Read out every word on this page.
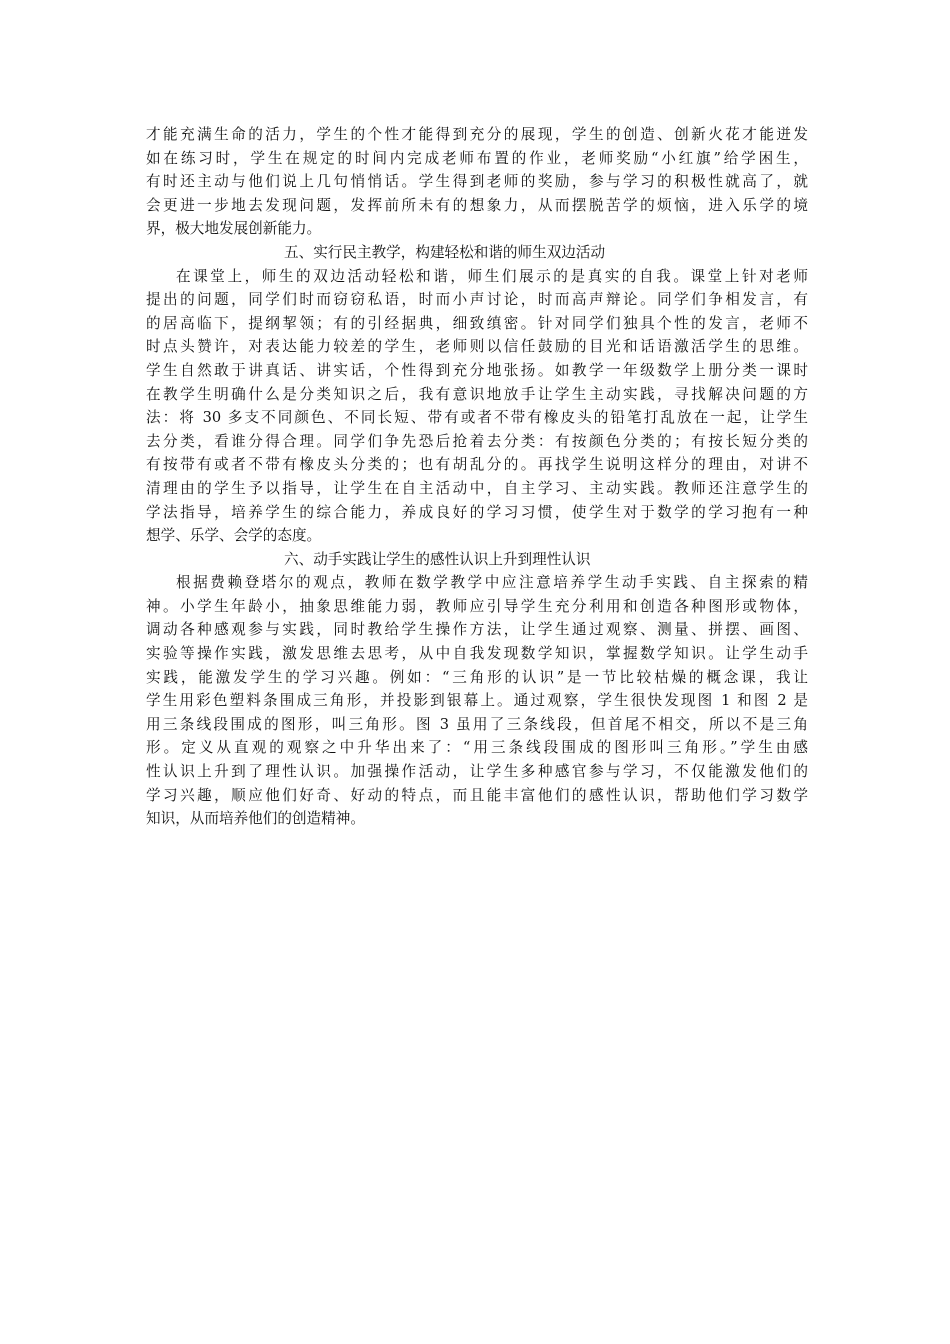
才能充满生命的活力，学生的个性才能得到充分的展现，学生的创造、创新火花才能迸发
如在练习时，学生在规定的时间内完成老师布置的作业，老师奖励“小红旗”给学困生，
有时还主动与他们说上几句悄悄话。学生得到老师的奖励，参与学习的积极性就高了，就
会更进一步地去发现问题，发挥前所未有的想象力，从而摆脱苦学的烦恼，进入乐学的境
界，极大地发展创新能力。
五、实行民主教学，构建轻松和谐的师生双边活动
在课堂上，师生的双边活动轻松和谐，师生们展示的是真实的自我。课堂上针对老师
提出的问题，同学们时而窃窃私语，时而小声讨论，时而高声辩论。同学们争相发言，有
的居高临下，提纲挈领；有的引经据典，细致缜密。针对同学们独具个性的发言，老师不
时点头赞许，对表达能力较差的学生，老师则以信任鼓励的目光和话语激活学生的思维。
学生自然敢于讲真话、讲实话，个性得到充分地张扬。如教学一年级数学上册分类一课时
在教学生明确什么是分类知识之后，我有意识地放手让学生主动实践，寻找解决问题的方
法：将 30 多支不同颜色、不同长短、带有或者不带有橡皮头的铅笔打乱放在一起，让学生
去分类，看谁分得合理。同学们争先恐后抢着去分类：有按颜色分类的；有按长短分类的
有按带有或者不带有橡皮头分类的；也有胡乱分的。再找学生说明这样分的理由，对讲不
清理由的学生予以指导，让学生在自主活动中，自主学习、主动实践。教师还注意学生的
学法指导，培养学生的综合能力，养成良好的学习习惯，使学生对于数学的学习抱有一种
想学、乐学、会学的态度。
六、动手实践让学生的感性认识上升到理性认识
根据费赖登塔尔的观点，教师在数学教学中应注意培养学生动手实践、自主探索的精
神。小学生年龄小，抽象思维能力弱，教师应引导学生充分利用和创造各种图形或物体，
调动各种感观参与实践，同时教给学生操作方法，让学生通过观察、测量、拼摆、画图、
实验等操作实践，激发思维去思考，从中自我发现数学知识，掌握数学知识。让学生动手
实践，能激发学生的学习兴趣。例如：“三角形的认识”是一节比较枯燥的概念课，我让
学生用彩色塑料条围成三角形，并投影到银幕上。通过观察，学生很快发现图 1 和图 2 是
用三条线段围成的图形，叫三角形。图 3 虽用了三条线段，但首尾不相交，所以不是三角
形。定义从直观的观察之中升华出来了：“用三条线段围成的图形叫三角形。”学生由感
性认识上升到了理性认识。加强操作活动，让学生多种感官参与学习，不仅能激发他们的
学习兴趣，顺应他们好奇、好动的特点，而且能丰富他们的感性认识，帮助他们学习数学
知识，从而培养他们的创造精神。
